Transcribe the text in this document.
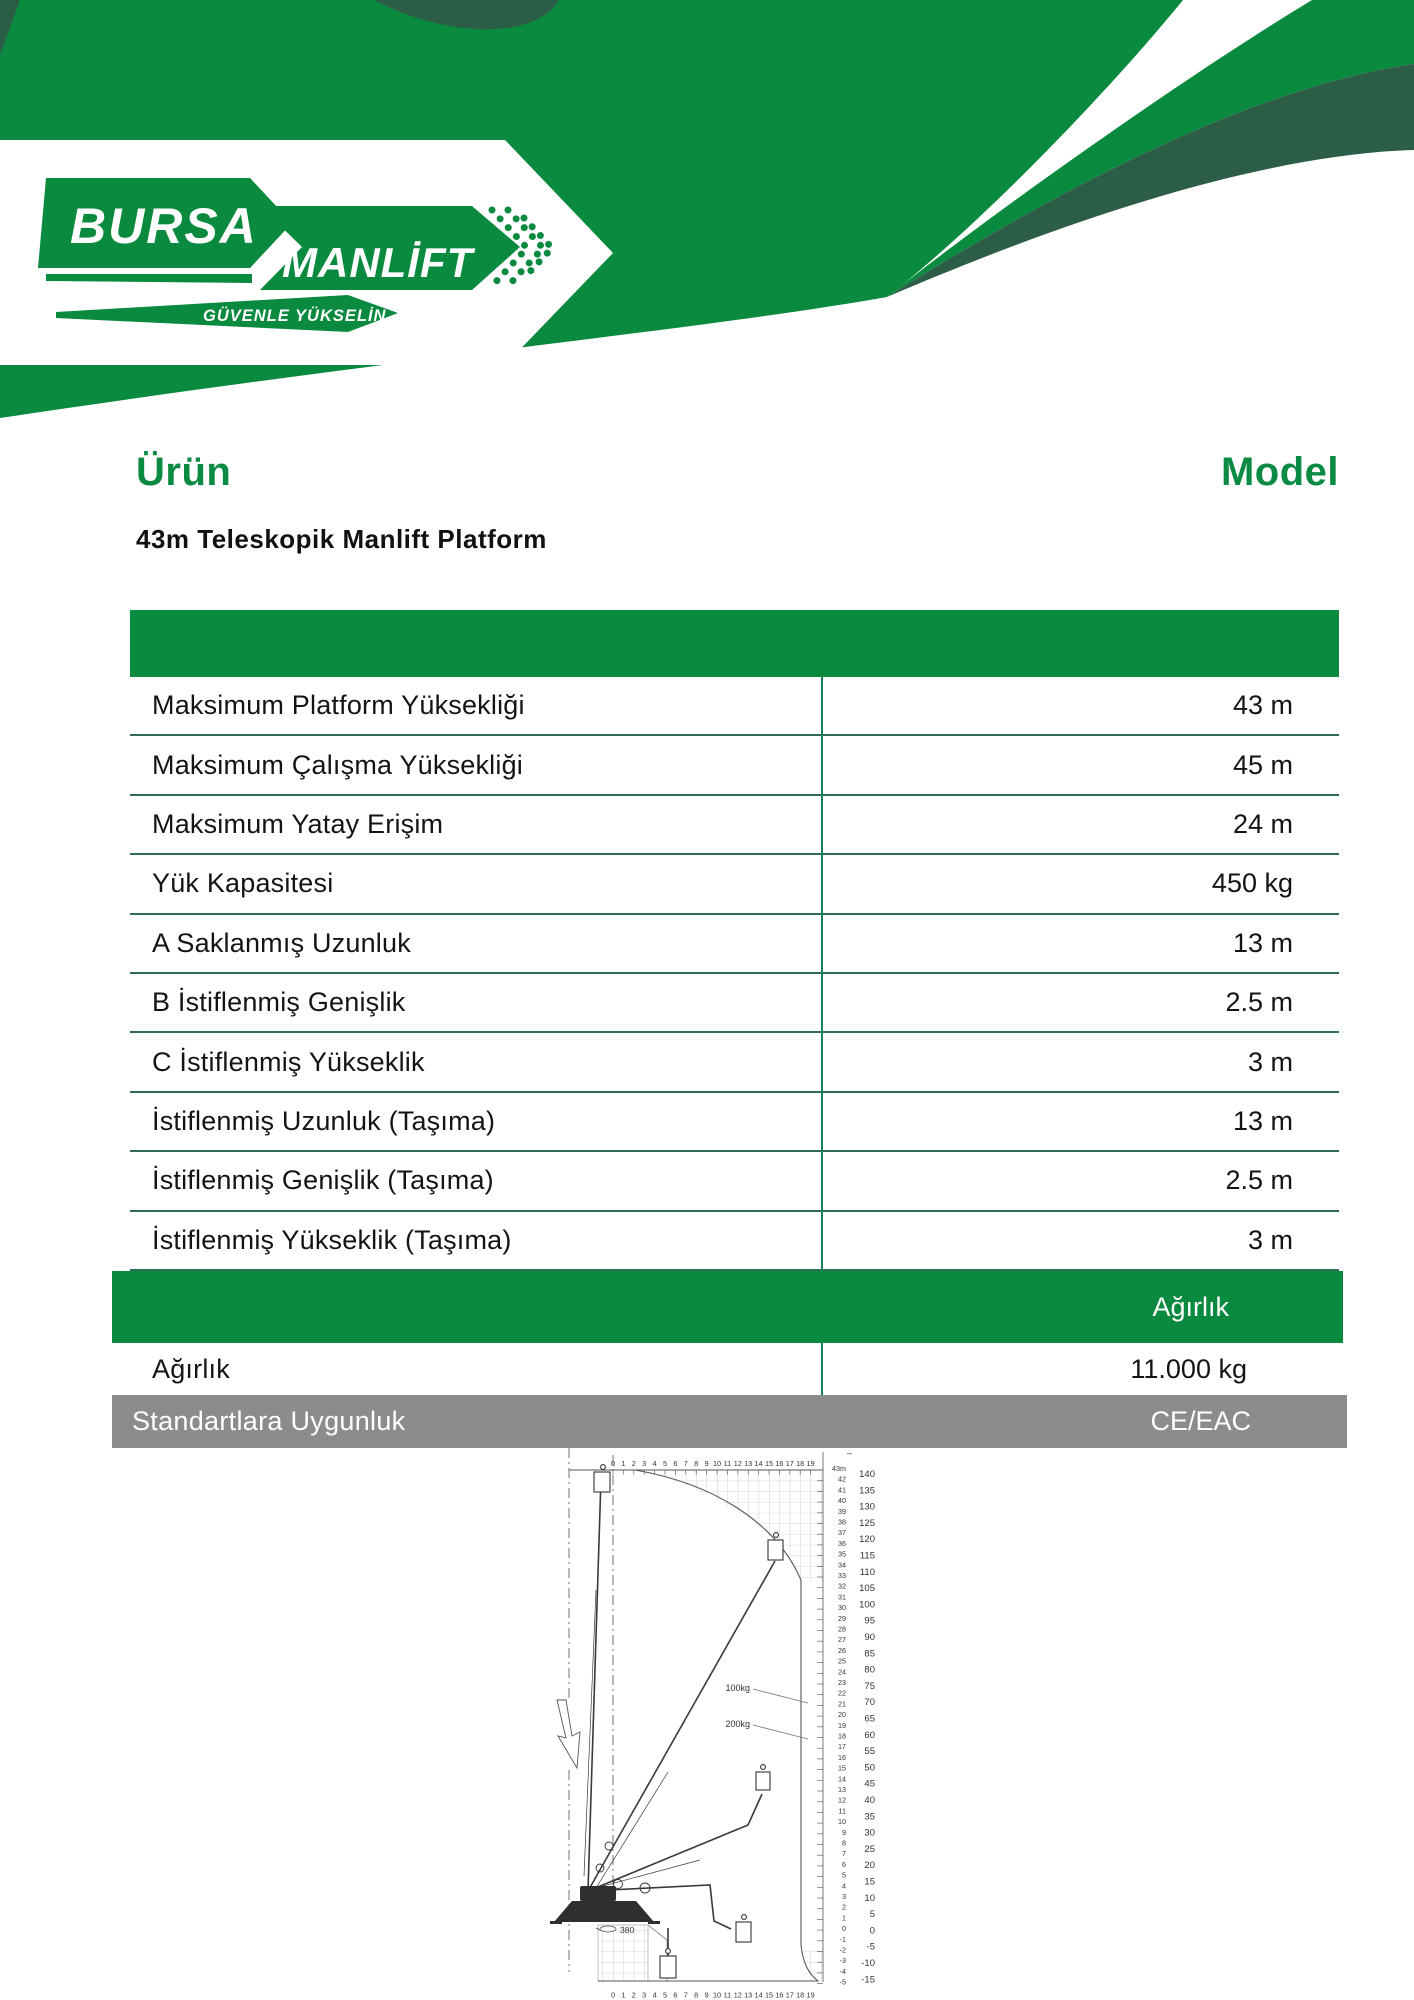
BURSA
MANLİFT
GÜVENLE YÜKSELİN
Ürün	Model
43m Teleskopik Manlift Platform
Maksimum Platform Yüksekliği	43 m
Maksimum Çalışma Yüksekliği	45 m
Maksimum Yatay Erişim	24 m
Yük Kapasitesi	450 kg
A Saklanmış Uzunluk	13 m
B İstiflenmiş Genişlik	2.5 m
C İstiflenmiş Yükseklik	3 m
İstiflenmiş Uzunluk (Taşıma)	13 m
İstiflenmiş Genişlik (Taşıma)	2.5 m
İstiflenmiş Yükseklik (Taşıma)	3 m
Ağırlık
Ağırlık	11.000 kg
Standartlara Uygunluk	CE/EAC
380
100kg
200kg
–
0 1 2 3 4 5 6 7 8 9 10 11 12 13 14 15 16 17 18 19
0 1 2 3 4 5 6 7 8 9 10 11 12 13 14 15 16 17 18 19
43m
42
41
40
39
38
37
36
35
34
33
32
31
30
29
28
27
26
25
24
23
22
21
20
19
18
17
16
15
14
13
12
11
10
9
8
7
6
5
4
3
2
1
0
-1
-2
-3
-4
-5
140
135
130
125
120
115
110
105
100
95
90
85
80
75
70
65
60
55
50
45
40
35
30
25
20
15
10
5
0
-5
-10
-15
